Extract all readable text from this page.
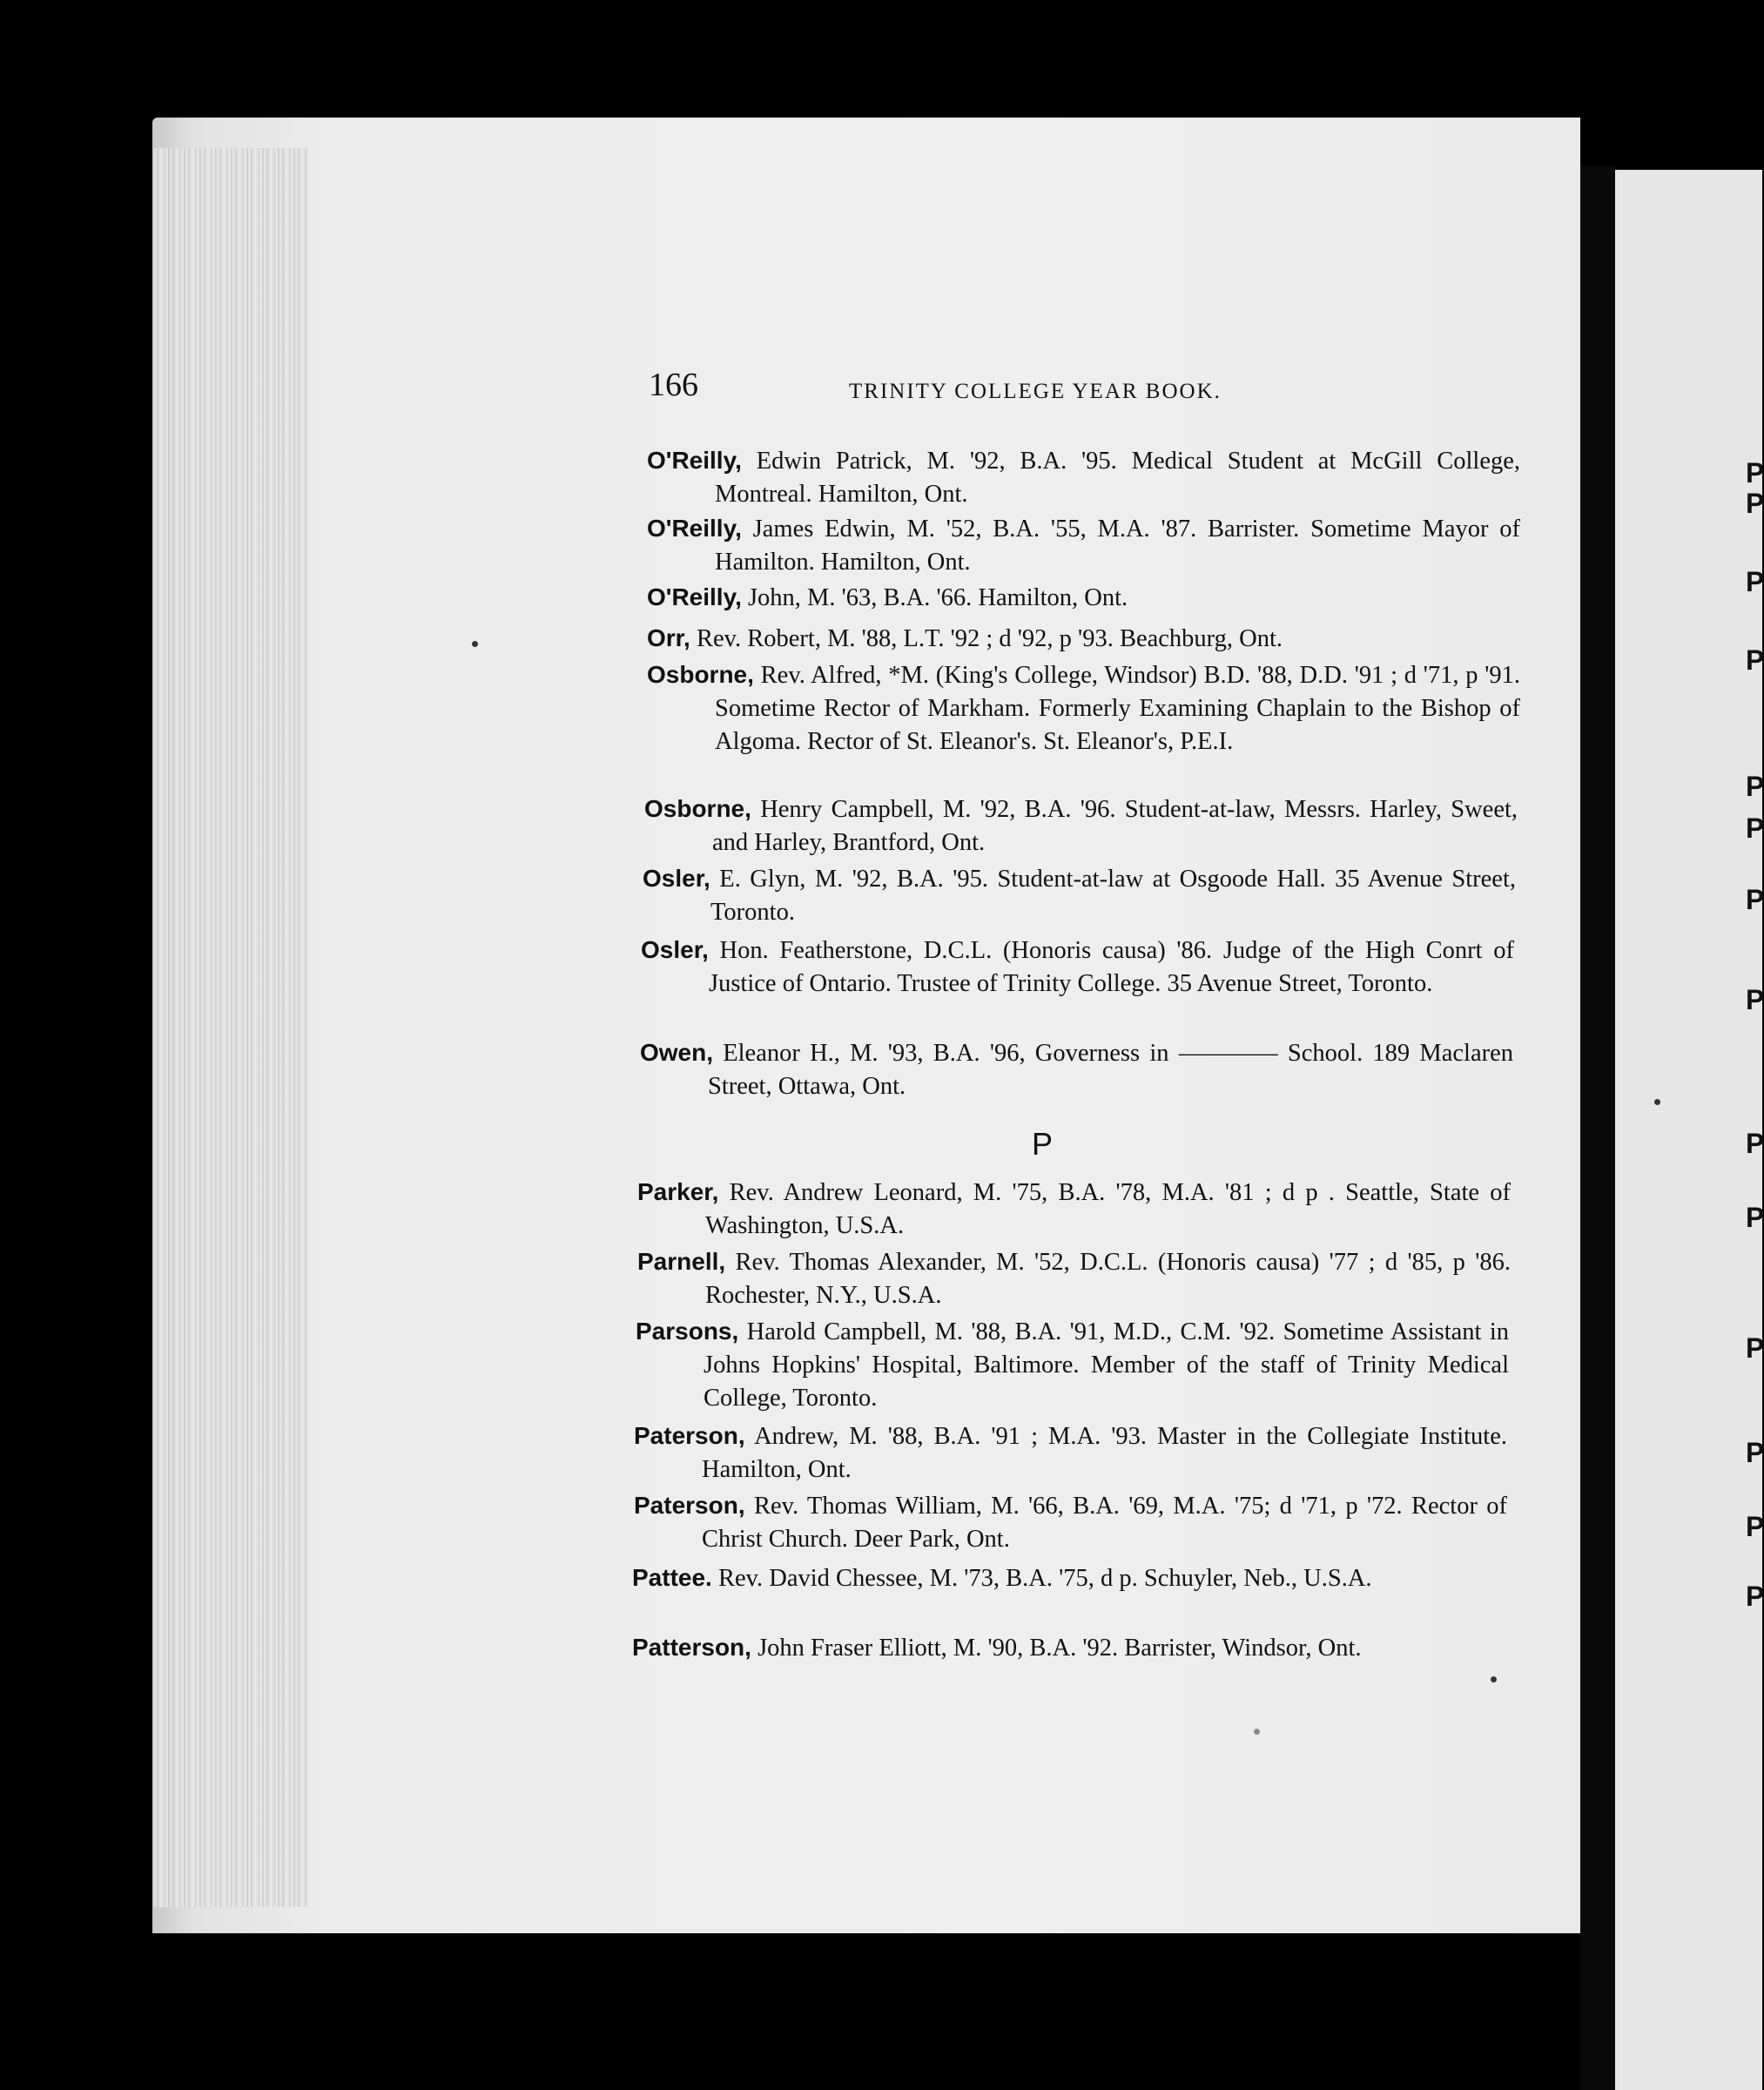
P
P
P
P
P
P
P
P
P
P
P
P
P
P
166	TRINITY COLLEGE YEAR BOOK.
O'Reilly, Edwin Patrick, M. '92, B.A. '95. Medical Student at McGill College, Montreal. Hamilton, Ont.
O'Reilly, James Edwin, M. '52, B.A. '55, M.A. '87. Barrister. Sometime Mayor of Hamilton. Hamilton, Ont.
O'Reilly, John, M. '63, B.A. '66. Hamilton, Ont.
Orr, Rev. Robert, M. '88, L.T. '92 ; d '92, p '93. Beachburg, Ont.
Osborne, Rev. Alfred, *M. (King's College, Windsor) B.D. '88, D.D. '91 ; d '71, p '91. Sometime Rector of Markham. Formerly Examining Chaplain to the Bishop of Algoma. Rector of St. Eleanor's. St. Eleanor's, P.E.I.
Osborne, Henry Campbell, M. '92, B.A. '96. Student-at-law, Messrs. Harley, Sweet, and Harley, Brantford, Ont.
Osler, E. Glyn, M. '92, B.A. '95. Student-at-law at Osgoode Hall. 35 Avenue Street, Toronto.
Osler, Hon. Featherstone, D.C.L. (Honoris causa) '86. Judge of the High Conrt of Justice of Ontario. Trustee of Trinity College. 35 Avenue Street, Toronto.
Owen, Eleanor H., M. '93, B.A. '96, Governess in ———— School. 189 Maclaren Street, Ottawa, Ont.
P
Parker, Rev. Andrew Leonard, M. '75, B.A. '78, M.A. '81 ; d p . Seattle, State of Washington, U.S.A.
Parnell, Rev. Thomas Alexander, M. '52, D.C.L. (Honoris causa) '77 ; d '85, p '86. Rochester, N.Y., U.S.A.
Parsons, Harold Campbell, M. '88, B.A. '91, M.D., C.M. '92. Sometime Assistant in Johns Hopkins' Hospital, Baltimore. Member of the staff of Trinity Medical College, Toronto.
Paterson, Andrew, M. '88, B.A. '91 ; M.A. '93. Master in the Collegiate Institute. Hamilton, Ont.
Paterson, Rev. Thomas William, M. '66, B.A. '69, M.A. '75; d '71, p '72. Rector of Christ Church. Deer Park, Ont.
Pattee. Rev. David Chessee, M. '73, B.A. '75, d p. Schuyler, Neb., U.S.A.
Patterson, John Fraser Elliott, M. '90, B.A. '92. Barrister, Windsor, Ont.
